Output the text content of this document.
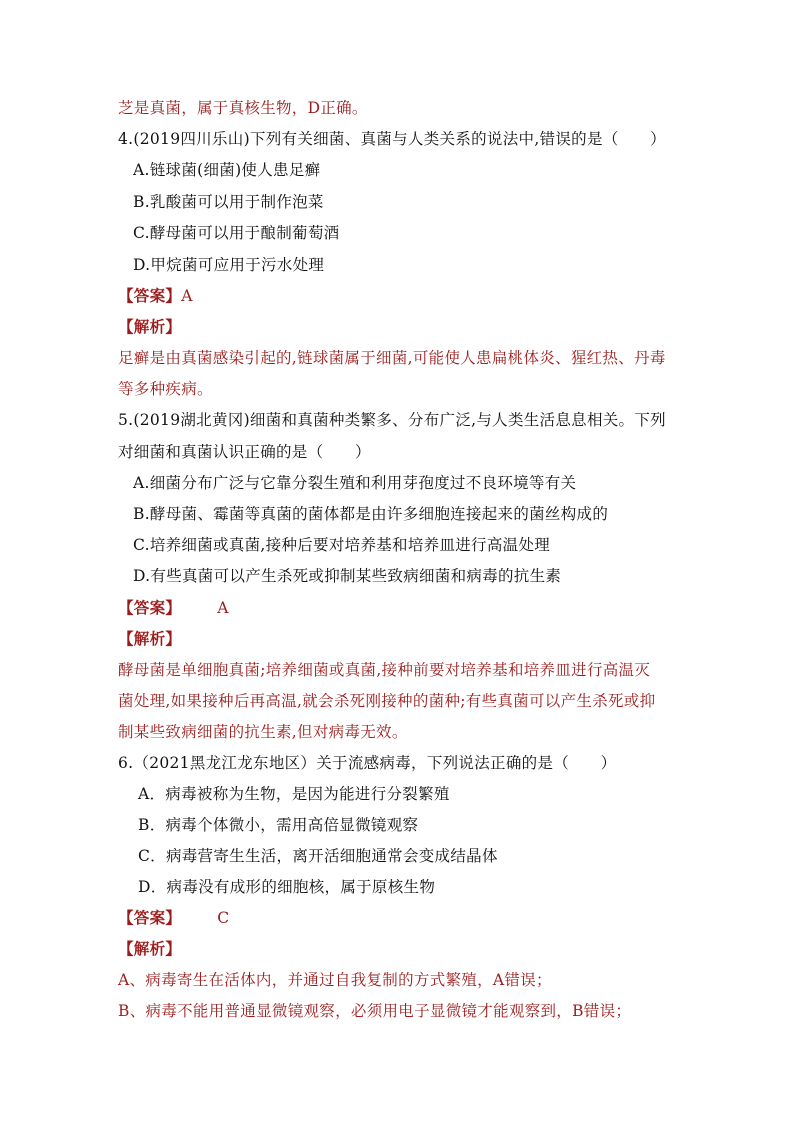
芝是真菌，属于真核生物，D正确。
4.(2019四川乐山)下列有关细菌、真菌与人类关系的说法中,错误的是（　　）
A.链球菌(细菌)使人患足癣
B.乳酸菌可以用于制作泡菜
C.酵母菌可以用于酿制葡萄酒
D.甲烷菌可应用于污水处理
【答案】A
【解析】
足癣是由真菌感染引起的,链球菌属于细菌,可能使人患扁桃体炎、猩红热、丹毒
等多种疾病。
5.(2019湖北黄冈)细菌和真菌种类繁多、分布广泛,与人类生活息息相关。下列
对细菌和真菌认识正确的是（　　）
A.细菌分布广泛与它靠分裂生殖和利用芽孢度过不良环境等有关
B.酵母菌、霉菌等真菌的菌体都是由许多细胞连接起来的菌丝构成的
C.培养细菌或真菌,接种后要对培养基和培养皿进行高温处理
D.有些真菌可以产生杀死或抑制某些致病细菌和病毒的抗生素
【答案】 A
【解析】
酵母菌是单细胞真菌;培养细菌或真菌,接种前要对培养基和培养皿进行高温灭
菌处理,如果接种后再高温,就会杀死刚接种的菌种;有些真菌可以产生杀死或抑
制某些致病细菌的抗生素,但对病毒无效。
6.（2021黑龙江龙东地区）关于流感病毒，下列说法正确的是（　　）
A．病毒被称为生物，是因为能进行分裂繁殖
B．病毒个体微小，需用高倍显微镜观察
C．病毒营寄生生活，离开活细胞通常会变成结晶体
D．病毒没有成形的细胞核，属于原核生物
【答案】 C
【解析】
A、病毒寄生在活体内，并通过自我复制的方式繁殖，A错误；
B、病毒不能用普通显微镜观察，必须用电子显微镜才能观察到，B错误；
